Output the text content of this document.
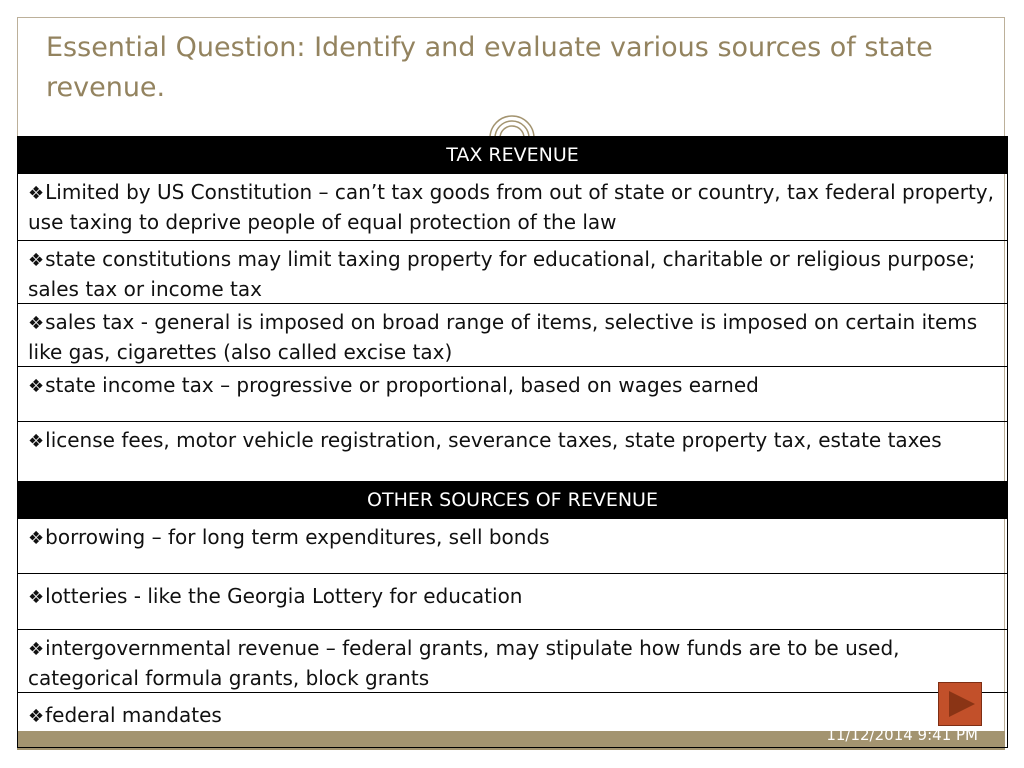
11/12/2014 9:41 PM
Essential Question: Identify and evaluate various sources of state revenue.
TAX REVENUE
❖Limited by US Constitution – can’t tax goods from out of state or country, tax federal property, use taxing to deprive people of equal protection of the law
❖state constitutions may limit taxing property for educational, charitable or religious purpose; sales tax or income tax
❖sales tax - general is imposed on broad range of items, selective is imposed on certain items like gas, cigarettes (also called excise tax)
❖state income tax – progressive or proportional, based on wages earned
❖license fees, motor vehicle registration, severance taxes, state property tax, estate taxes
OTHER SOURCES OF REVENUE
❖borrowing – for long term expenditures, sell bonds
❖lotteries - like the Georgia Lottery for education
❖intergovernmental revenue – federal grants, may stipulate how funds are to be used, categorical formula grants, block grants
❖federal mandates
